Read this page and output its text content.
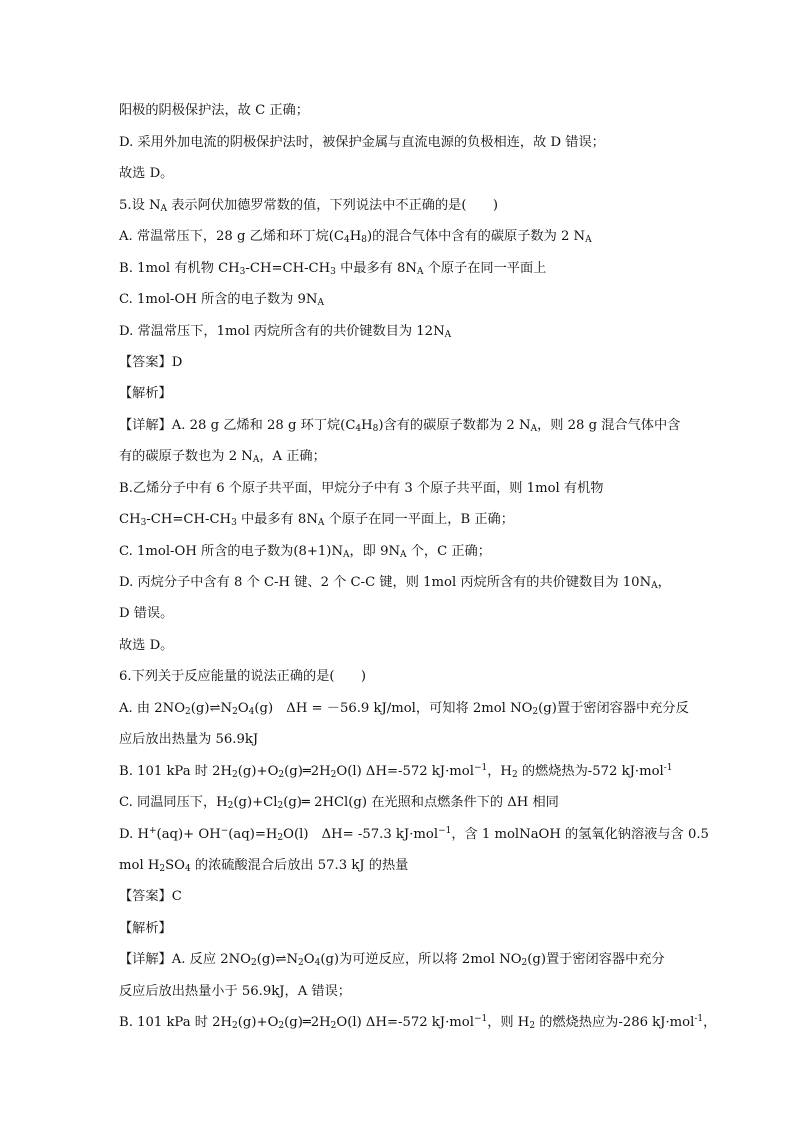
阳极的阴极保护法，故 C 正确；
D. 采用外加电流的阴极保护法时，被保护金属与直流电源的负极相连，故 D 错误；
故选 D。
5.设 $N_A$ 表示阿伏加德罗常数的值，下列说法中不正确的是(　　)
A. 常温常压下，28 g 乙烯和环丁烷$(C_4H_8)$的混合气体中含有的碳原子数为 2 $N_A$
B. 1mol 有机物 $CH_3-CH=CH-CH_3$ 中最多有 $8N_A$ 个原子在同一平面上
C. 1mol-OH 所含的电子数为 $9N_A$
D. 常温常压下，1mol 丙烷所含有的共价键数目为 $12N_A$
【答案】D
【解析】
【详解】A. 28 g 乙烯和 28 g 环丁烷$(C_4H_8)$含有的碳原子数都为 2 $N_A$，则 28 g 混合气体中含
有的碳原子数也为 2 $N_A$，A 正确；
B.乙烯分子中有 6 个原子共平面，甲烷分子中有 3 个原子共平面，则 1mol 有机物
$CH_3-CH=CH-CH_3$ 中最多有 $8N_A$ 个原子在同一平面上，B 正确；
C. 1mol-OH 所含的电子数为$(8+1)N_A$，即 $9N_A$ 个，C 正确；
D. 丙烷分子中含有 8 个 C-H 键、2 个 C-C 键，则 1mol 丙烷所含有的共价键数目为 $10N_A$，
D 错误。
故选 D。
6.下列关于反应能量的说法正确的是(　　)
A. 由 $2NO_2(g)\rightleftharpoons N_2O_4(g)$　ΔH = －56.9 kJ/mol，可知将 2mol $NO_2(g)$置于密闭容器中充分反
应后放出热量为 56.9kJ
B. 101 kPa 时 $2H_2(g)+O_2(g)═2H_2O(l)$ ΔH=-572 kJ·mol$^{-1}$，$H_2$ 的燃烧热为-572 kJ·mol$^{-1}$
C. 同温同压下，$H_2(g)+Cl_2(g)═$ 2HCl(g) 在光照和点燃条件下的 ΔH 相同
D. $H^+(aq)+ OH^-(aq)=H_2O(l)$　ΔH= -57.3 kJ·mol$^{-1}$，含 1 molNaOH 的氢氧化钠溶液与含 0.5
mol $H_2SO_4$ 的浓硫酸混合后放出 57.3 kJ 的热量
【答案】C
【解析】
【详解】A. 反应 $2NO_2(g)\rightleftharpoons N_2O_4(g)$为可逆反应，所以将 2mol $NO_2(g)$置于密闭容器中充分
反应后放出热量小于 56.9kJ，A 错误；
B. 101 kPa 时 $2H_2(g)+O_2(g)═2H_2O(l)$ ΔH=-572 kJ·mol$^{-1}$，则 $H_2$ 的燃烧热应为-286 kJ·mol$^{-1}$，
